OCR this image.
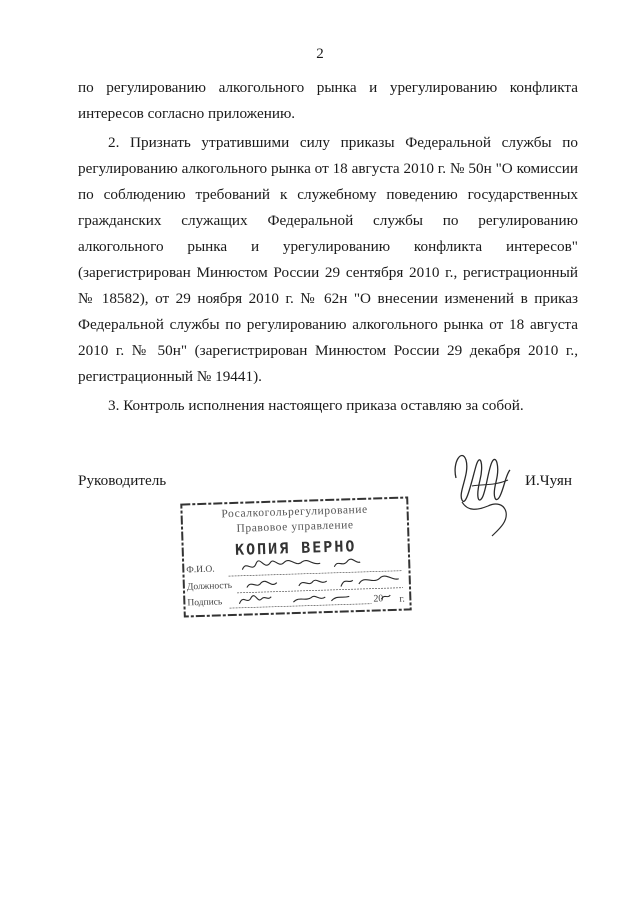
2
по регулированию алкогольного рынка и урегулированию конфликта
интересов согласно приложению.
2. Признать утратившими силу приказы Федеральной службы по
регулированию алкогольного рынка от 18 августа 2010 г. № 50н "О комиссии
по соблюдению требований к служебному поведению государственных
гражданских служащих Федеральной службы по регулированию
алкогольного рынка и урегулированию конфликта интересов"
(зарегистрирован Минюстом России 29 сентября 2010 г., регистрационный
№ 18582), от 29 ноября 2010 г. № 62н "О внесении изменений в приказ
Федеральной службы по регулированию алкогольного рынка от 18 августа
2010 г. № 50н" (зарегистрирован Минюстом России 29 декабря 2010 г.,
регистрационный № 19441).
3. Контроль исполнения настоящего приказа оставляю за собой.
Руководитель	И.Чуян
Росалкогольрегулирование
Правовое управление
КОПИЯ ВЕРНО
Ф.И.О.
Должность
Подпись	20 г.
